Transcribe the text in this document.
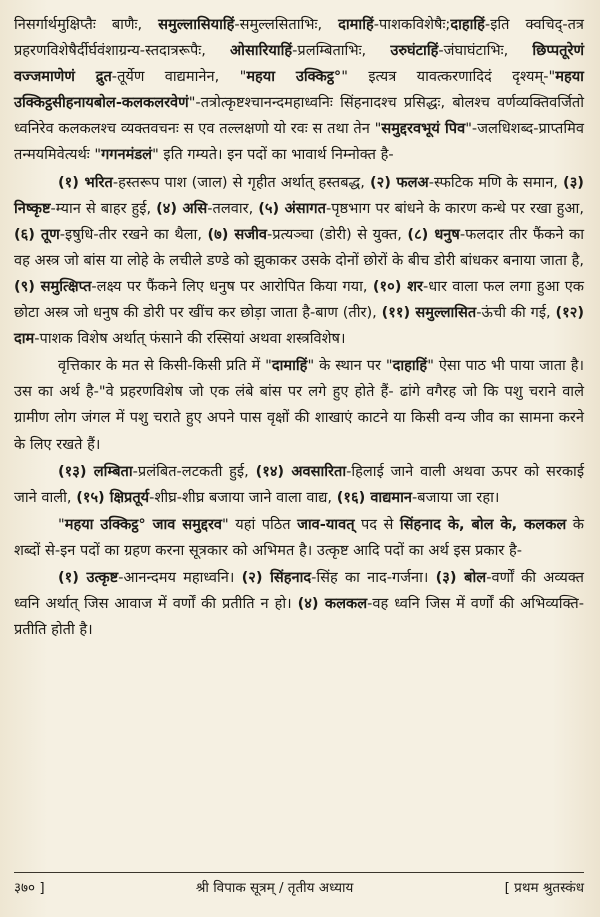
निसर्गार्थमुक्षिप्तैः बाणैः, समुल्लासियाहिं-समुल्लसिताभिः, दामाहिं-पाशकविशेषैः;दाहाहिं-इति क्वचिद्-तत्र प्रहरणविशेषैर्दीर्घवंशाग्रन्य-स्तदात्ररूपैः, ओसारियाहिं-प्रलम्बिताभिः, उरुघंटाहिं-जंघाघंटाभिः, छिप्पतूरेणं वज्जमाणेणं द्रुत-तूर्येण वाद्यमानेन, "महया उक्किट्ठ°" इत्यत्र यावत्करणादिदं दृश्यम्-"महया उक्किट्ठसीहनायबोल-कलकलरवेणं"-तत्रोत्कृष्टश्चानन्दमहाध्वनिः सिंहनादश्च प्रसिद्धः, बोलश्च वर्णव्यक्तिवर्जितो ध्वनिरेव कलकलश्च व्यक्तवचनः स एव तल्लक्षणो यो रवः स तथा तेन "समुद्दरवभूयं पिव"-जलधिशब्द-प्राप्तमिव तन्मयमिवेत्यर्थः "गगनमंडलं" इति गम्यते। इन पदों का भावार्थ निम्नोक्त है-

(१) भरित-हस्तरूप पाश (जाल) से गृहीत अर्थात् हस्तबद्ध, (२) फलअ-स्फटिक मणि के समान, (३) निष्कृष्ट-म्यान से बाहर हुई, (४) असि-तलवार, (५) अंसागत-पृष्ठभाग पर बांधने के कारण कन्धे पर रखा हुआ, (६) तूण-इषुधि-तीर रखने का थैला, (७) सजीव-प्रत्यञ्चा (डोरी) से युक्त, (८) धनुष-फलदार तीर फैंकने का वह अस्त्र जो बांस या लोहे के लचीले डण्डे को झुकाकर उसके दोनों छोरों के बीच डोरी बांधकर बनाया जाता है, (९) समुत्क्षिप्त-लक्ष्य पर फैंकने लिए धनुष पर आरोपित किया गया, (१०) शर-धार वाला फल लगा हुआ एक छोटा अस्त्र जो धनुष की डोरी पर खींच कर छोड़ा जाता है-बाण (तीर), (११) समुल्लासित-ऊंची की गई, (१२) दाम-पाशक विशेष अर्थात् फंसाने की रस्सियां अथवा शस्त्रविशेष।

वृत्तिकार के मत से किसी-किसी प्रति में "दामाहिं" के स्थान पर "दाहाहिं" ऐसा पाठ भी पाया जाता है। उस का अर्थ है-"वे प्रहरणविशेष जो एक लंबे बांस पर लगे हुए होते हैं- ढांगे वगैरह जो कि पशु चराने वाले ग्रामीण लोग जंगल में पशु चराते हुए अपने पास वृक्षों की शाखाएं काटने या किसी वन्य जीव का सामना करने के लिए रखते हैं।

(१३) लम्बिता-प्रलंबित-लटकती हुई, (१४) अवसारिता-हिलाई जाने वाली अथवा ऊपर को सरकाई जाने वाली, (१५) क्षिप्रतूर्य-शीघ्र-शीघ्र बजाया जाने वाला वाद्य, (१६) वाद्यमान-बजाया जा रहा।

"महया उक्किट्ठ° जाव समुद्दरव" यहां पठित जाव-यावत् पद से सिंहनाद के, बोल के, कलकल के शब्दों से-इन पदों का ग्रहण करना सूत्रकार को अभिमत है। उत्कृष्ट आदि पदों का अर्थ इस प्रकार है-

(१) उत्कृष्ट-आनन्दमय महाध्वनि। (२) सिंहनाद-सिंह का नाद-गर्जना। (३) बोल-वर्णों की अव्यक्त ध्वनि अर्थात् जिस आवाज में वर्णों की प्रतीति न हो। (४) कलकल-वह ध्वनि जिस में वर्णों की अभिव्यक्ति-प्रतीति होती है।

३७० ]	श्री विपाक सूत्रम् / तृतीय अध्याय	[ प्रथम श्रुतस्कंध
